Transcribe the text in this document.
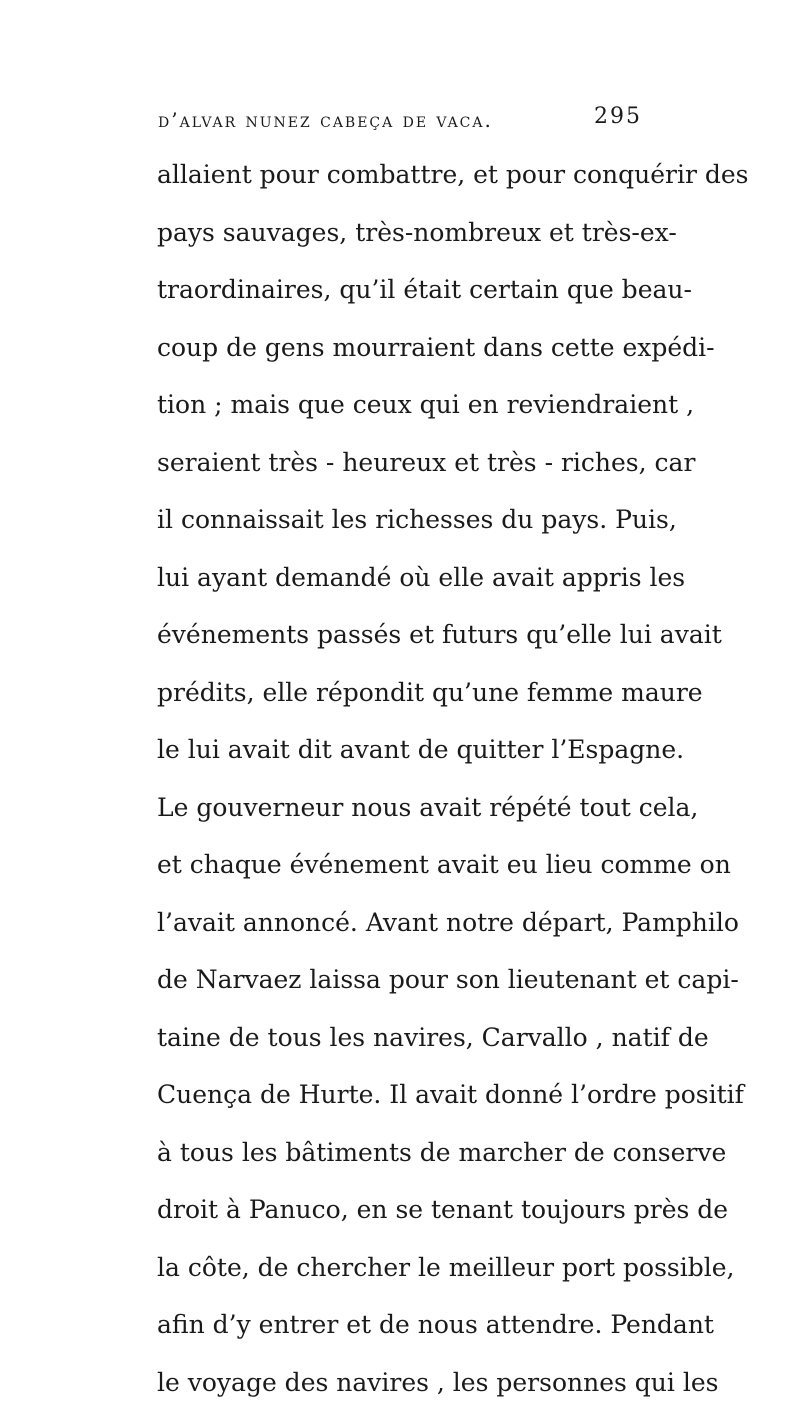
d’alvar nunez cabeça de vaca.	295
allaient pour combattre, et pour conquérir des
pays sauvages, très-nombreux et très-ex-
traordinaires, qu’il était certain que beau-
coup de gens mourraient dans cette expédi-
tion ; mais que ceux qui en reviendraient ,
seraient très - heureux et très - riches, car
il connaissait les richesses du pays. Puis,
lui ayant demandé où elle avait appris les
événements passés et futurs qu’elle lui avait
prédits, elle répondit qu’une femme maure
le lui avait dit avant de quitter l’Espagne.
Le gouverneur nous avait répété tout cela,
et chaque événement avait eu lieu comme on
l’avait annoncé. Avant notre départ, Pamphilo
de Narvaez laissa pour son lieutenant et capi-
taine de tous les navires, Carvallo , natif de
Cuença de Hurte. Il avait donné l’ordre positif
à tous les bâtiments de marcher de conserve
droit à Panuco, en se tenant toujours près de
la côte, de chercher le meilleur port possible,
afin d’y entrer et de nous attendre. Pendant
le voyage des navires , les personnes qui les
